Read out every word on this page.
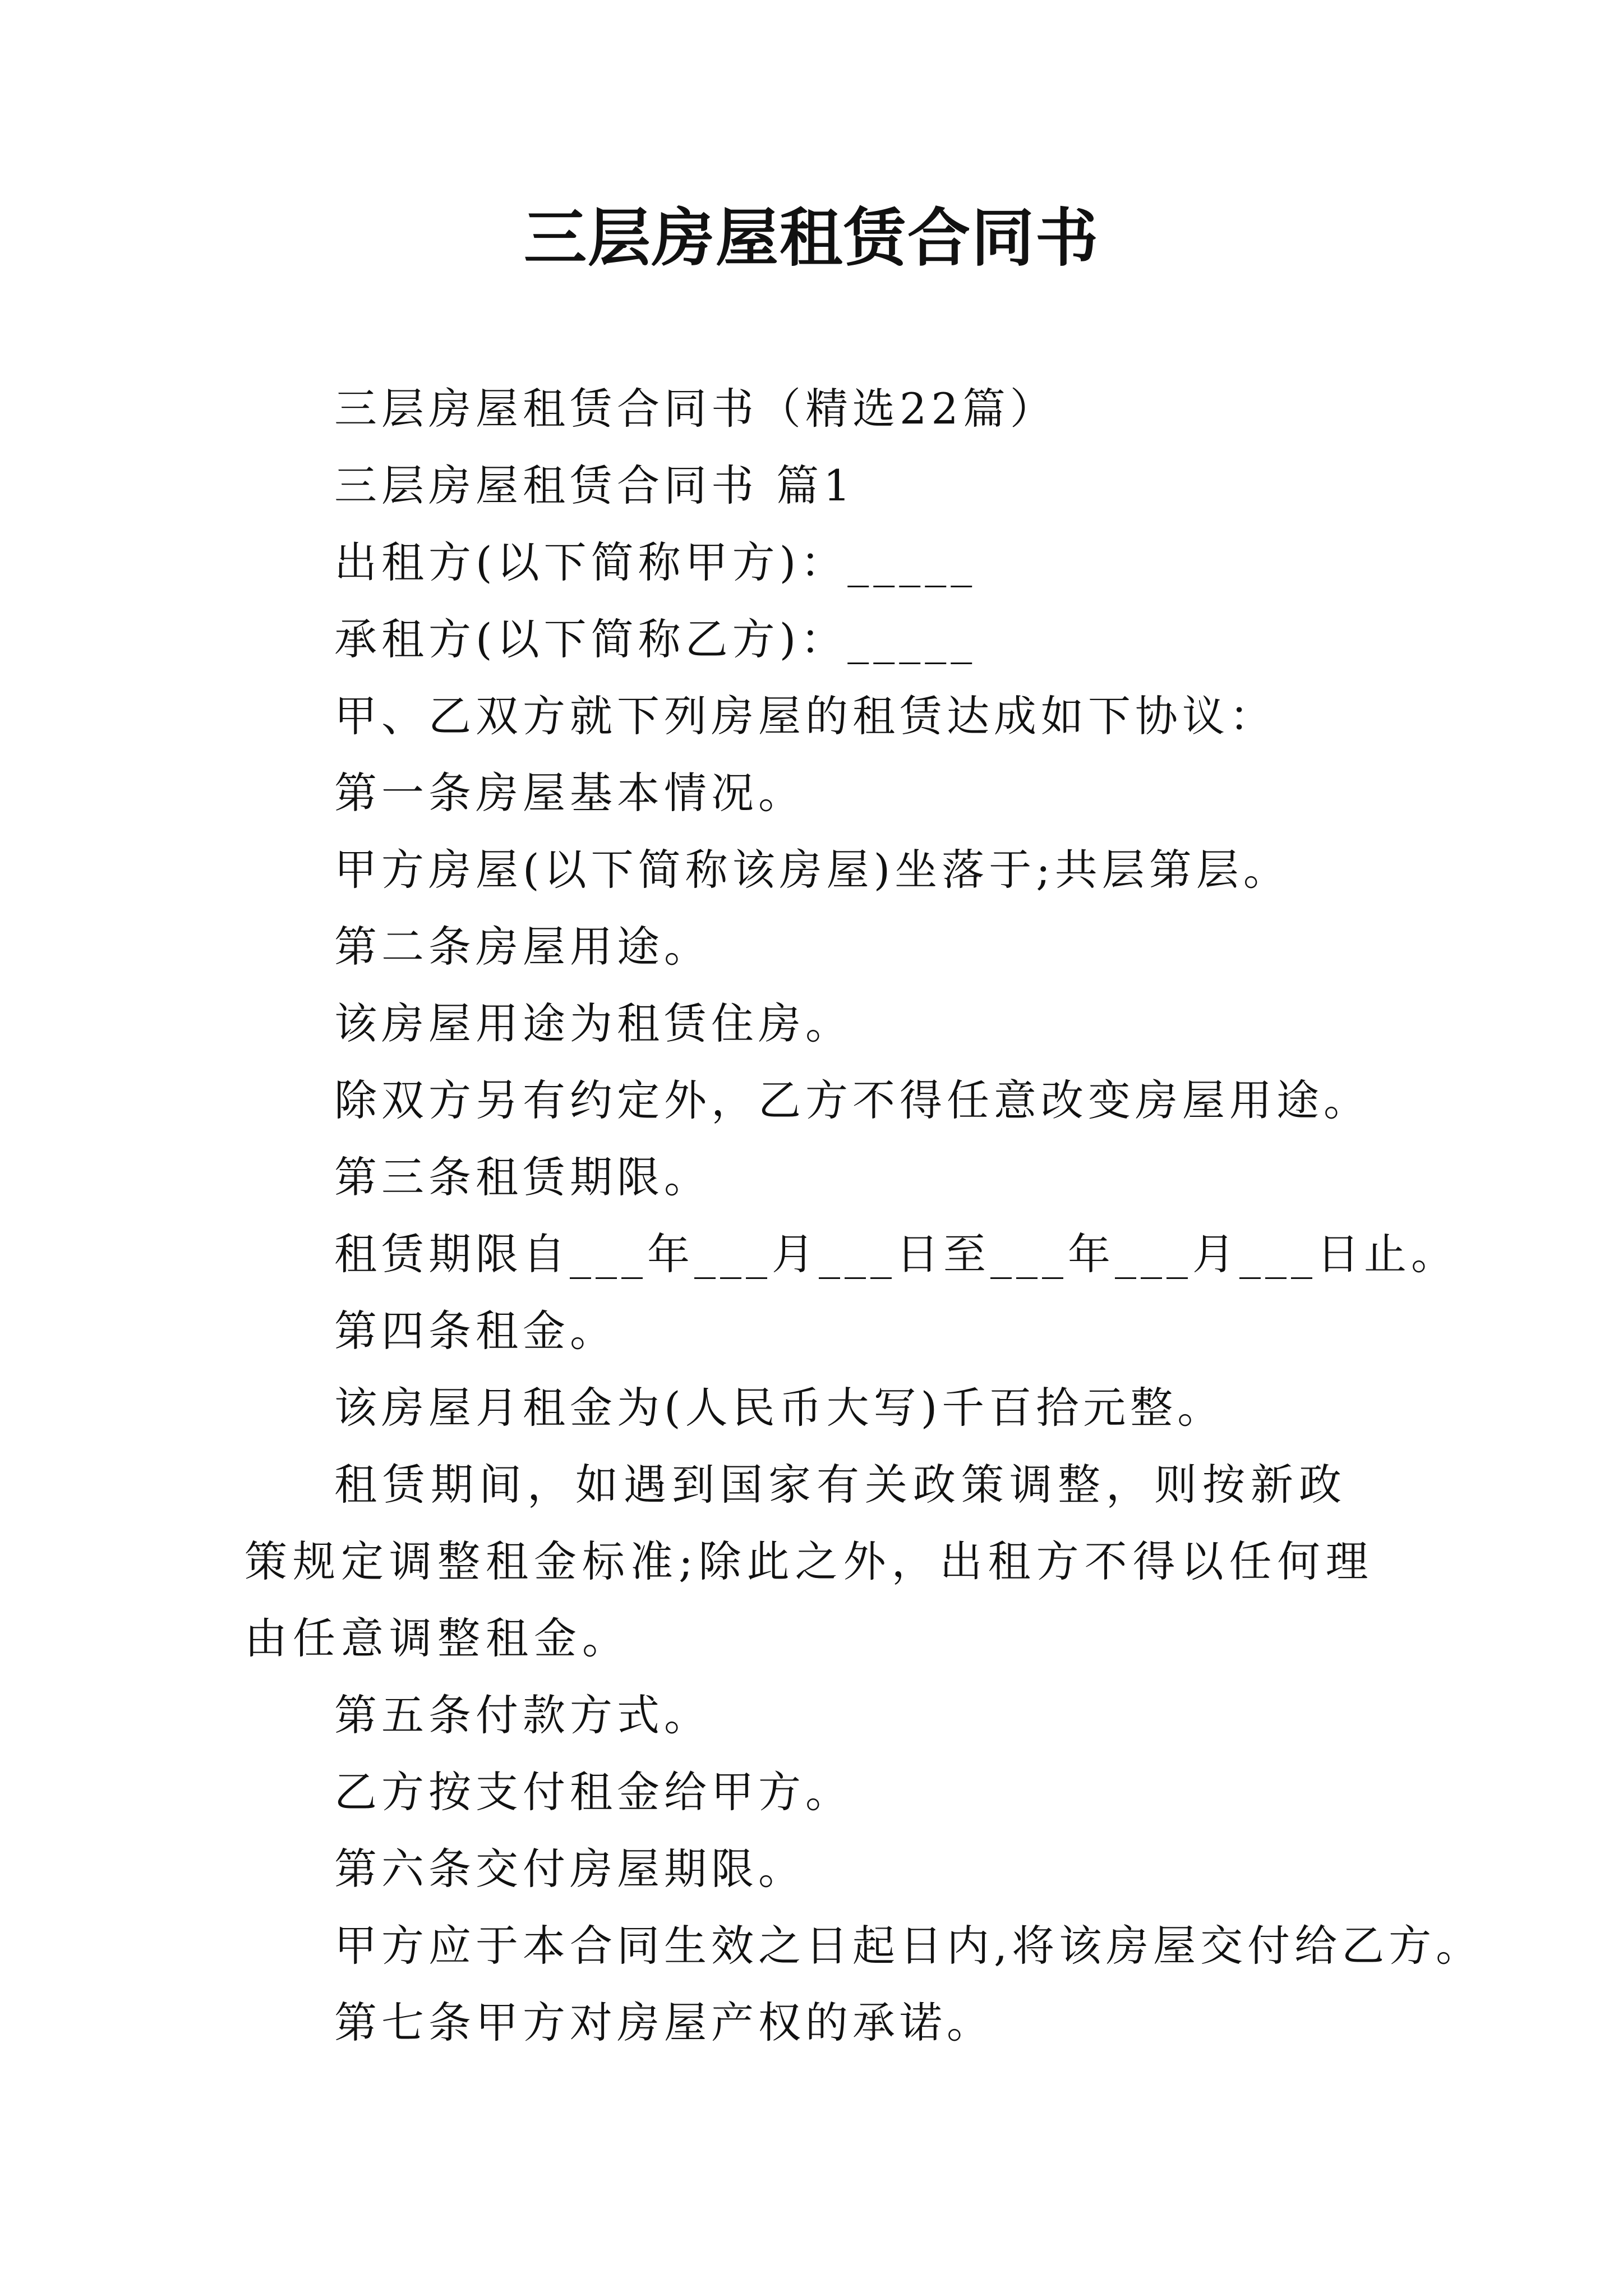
三层房屋租赁合同书
三层房屋租赁合同书（精选22篇）
三层房屋租赁合同书 篇1
出租方(以下简称甲方)：_____
承租方(以下简称乙方)：_____
甲、乙双方就下列房屋的租赁达成如下协议：
第一条房屋基本情况。
甲方房屋(以下简称该房屋)坐落于;共层第层。
第二条房屋用途。
该房屋用途为租赁住房。
除双方另有约定外，乙方不得任意改变房屋用途。
第三条租赁期限。
租赁期限自___年___月___日至___年___月___日止。
第四条租金。
该房屋月租金为(人民币大写)千百拾元整。
租赁期间，如遇到国家有关政策调整，则按新政策规定调整租金标准;除此之外，出租方不得以任何理由任意调整租金。
第五条付款方式。
乙方按支付租金给甲方。
第六条交付房屋期限。
甲方应于本合同生效之日起日内,将该房屋交付给乙方。
第七条甲方对房屋产权的承诺。
